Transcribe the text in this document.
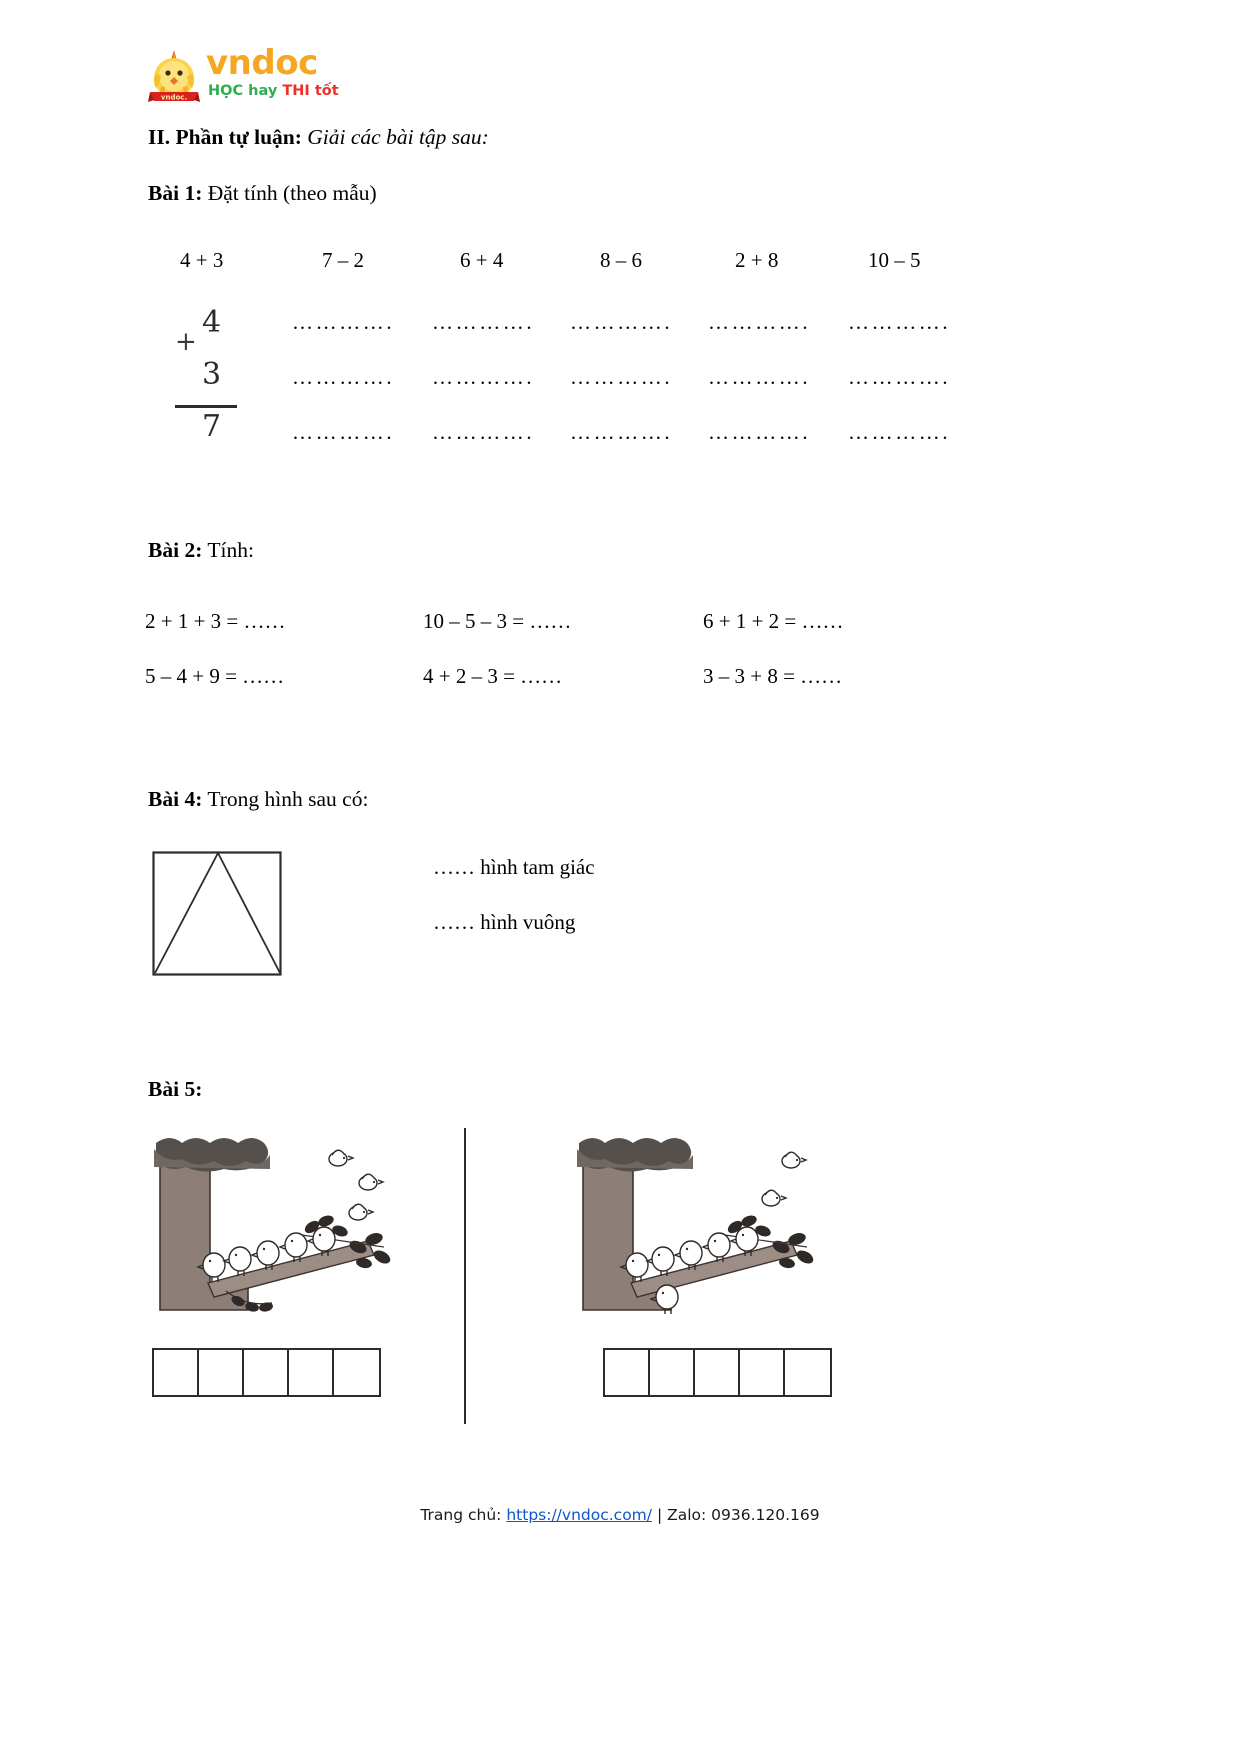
vndoc.
vndoc
HỌC hay THI tốt
II. Phần tự luận: Giải các bài tập sau:
Bài 1: Đặt tính (theo mẫu)
4 + 3	7 – 2	6 + 4	8 – 6	2 + 8	10 – 5
+
4
3
7
…………. …………. …………. …………. ………….
…………. …………. …………. …………. ………….
…………. …………. …………. …………. ………….
Bài 2: Tính:
2 + 1 + 3 = ……	10 – 5 – 3 = ……	6 + 1 + 2 = ……
5 – 4 + 9 = ……	4 + 2 – 3 = ……	3 – 3 + 8 = ……
Bài 4: Trong hình sau có:
…… hình tam giác
…… hình vuông
Bài 5:
Trang chủ: https://vndoc.com/ | Zalo: 0936.120.169
